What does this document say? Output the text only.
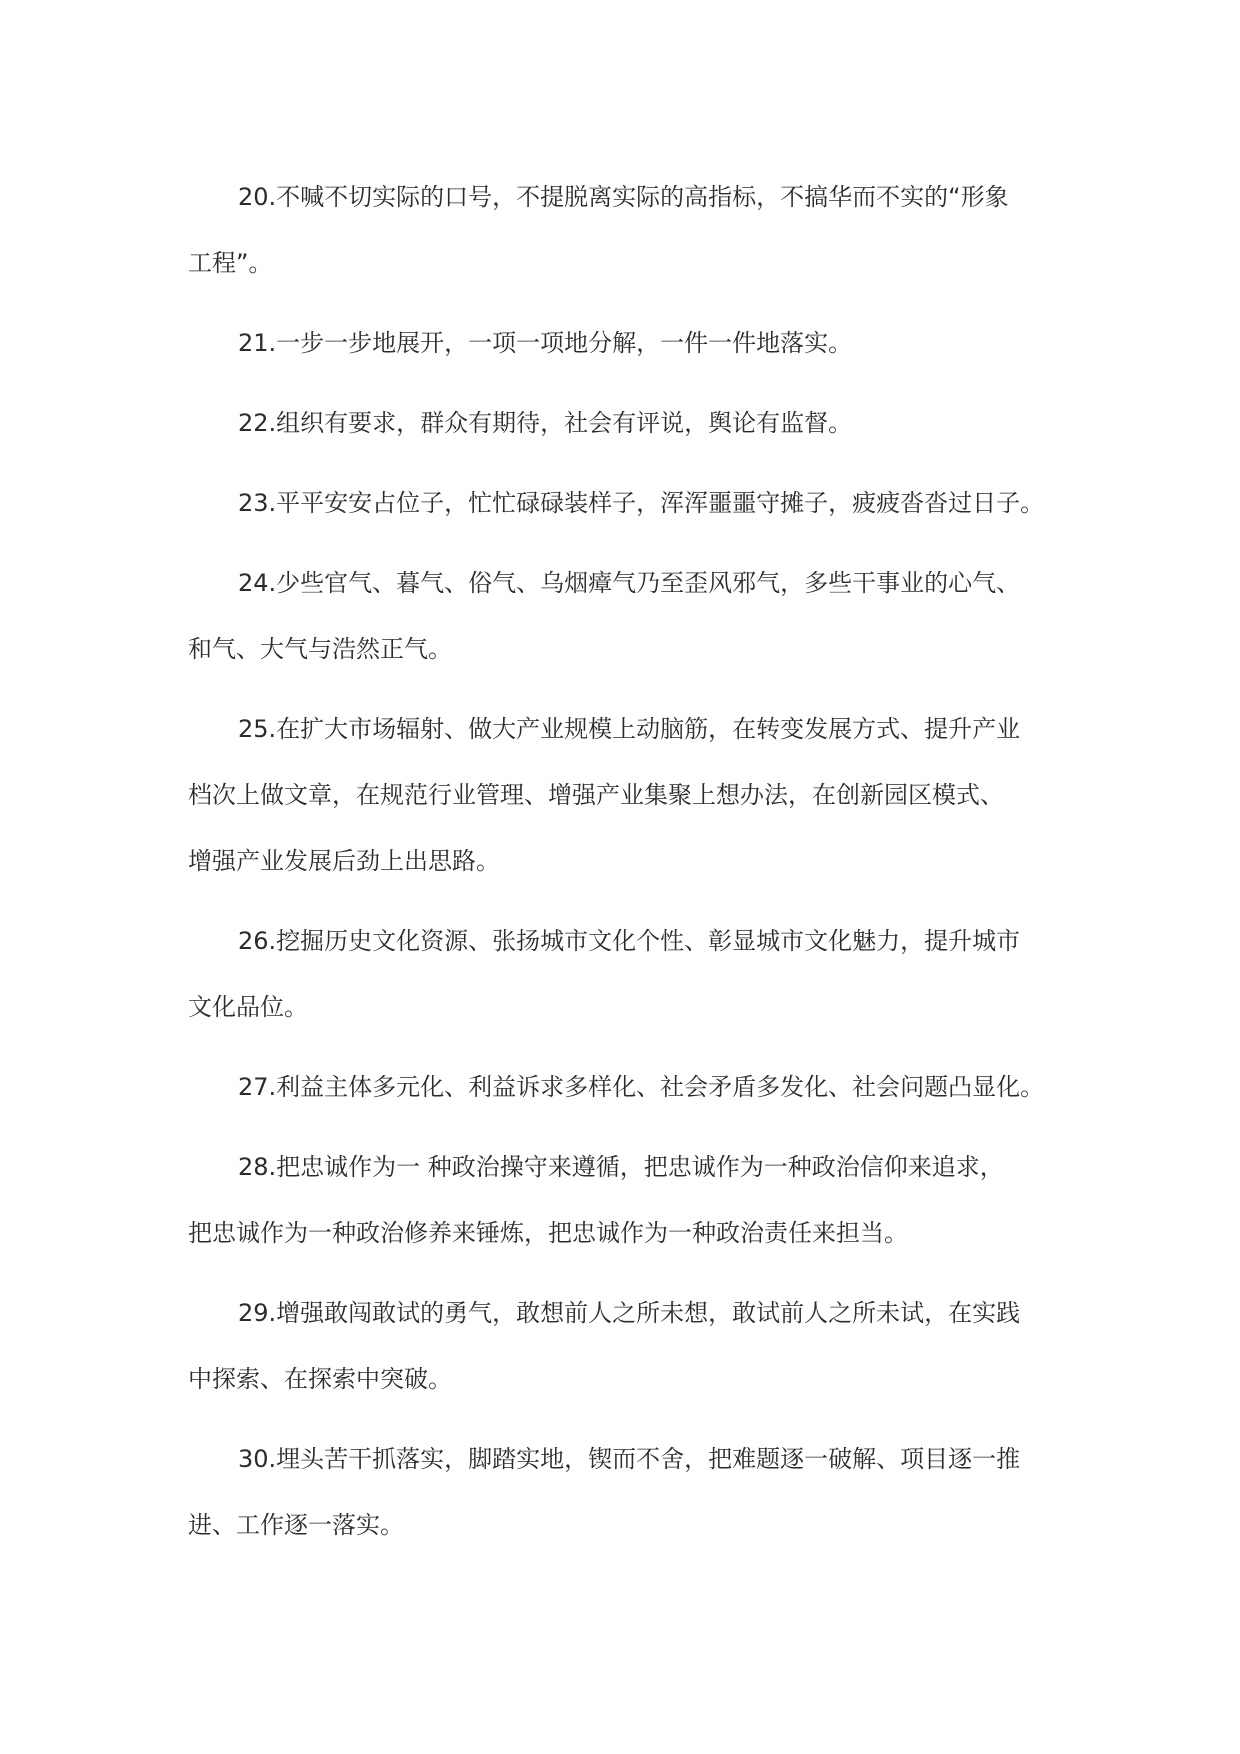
20.不喊不切实际的口号，不提脱离实际的高指标，不搞华而不实的“形象
工程”。
21.一步一步地展开，一项一项地分解，一件一件地落实。
22.组织有要求，群众有期待，社会有评说，舆论有监督。
23.平平安安占位子，忙忙碌碌装样子，浑浑噩噩守摊子，疲疲沓沓过日子。
24.少些官气、暮气、俗气、乌烟瘴气乃至歪风邪气，多些干事业的心气、
和气、大气与浩然正气。
25.在扩大市场辐射、做大产业规模上动脑筋，在转变发展方式、提升产业
档次上做文章，在规范行业管理、增强产业集聚上想办法，在创新园区模式、
增强产业发展后劲上出思路。
26.挖掘历史文化资源、张扬城市文化个性、彰显城市文化魅力，提升城市
文化品位。
27.利益主体多元化、利益诉求多样化、社会矛盾多发化、社会问题凸显化。
28.把忠诚作为一 种政治操守来遵循，把忠诚作为一种政治信仰来追求，
把忠诚作为一种政治修养来锤炼，把忠诚作为一种政治责任来担当。
29.增强敢闯敢试的勇气，敢想前人之所未想，敢试前人之所未试，在实践
中探索、在探索中突破。
30.埋头苦干抓落实，脚踏实地，锲而不舍，把难题逐一破解、项目逐一推
进、工作逐一落实。
